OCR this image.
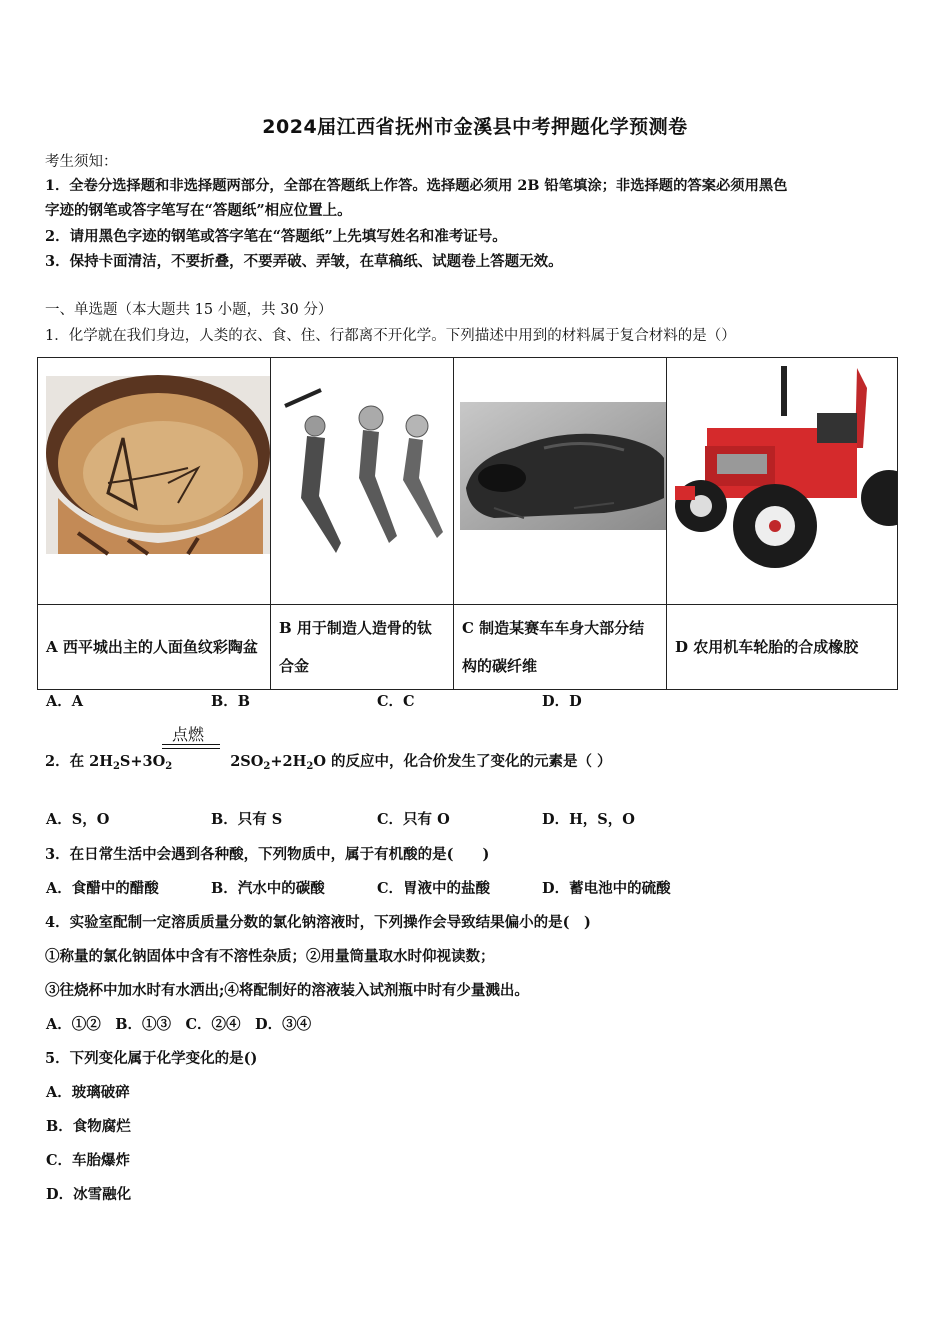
2024届江西省抚州市金溪县中考押题化学预测卷
考生须知：
1．全卷分选择题和非选择题两部分，全部在答题纸上作答。选择题必须用 2B 铅笔填涂；非选择题的答案必须用黑色
字迹的钢笔或答字笔写在“答题纸”相应位置上。
2．请用黑色字迹的钢笔或答字笔在“答题纸”上先填写姓名和准考证号。
3．保持卡面清洁，不要折叠，不要弄破、弄皱，在草稿纸、试题卷上答题无效。
一、单选题（本大题共 15 小题，共 30 分）
1．化学就在我们身边，人类的衣、食、住、行都离不开化学。下列描述中用到的材料属于复合材料的是（）

A 西平城出主的人面鱼纹彩陶盆	B 用于制造人造骨的钛合金	C 制造某赛车车身大部分结构的碳纤维	D 农用机车轮胎的合成橡胶
A．A	B．B	C．C	D．D
点燃
2．在 $2H_2S+3O_2$	$2SO_2+2H_2O$ 的反应中，化合价发生了变化的元素是（ ）
A．S，O	B．只有 S	C．只有 O	D．H，S，O
3．在日常生活中会遇到各种酸，下列物质中，属于有机酸的是(　　)
A．食醋中的醋酸	B．汽水中的碳酸	C．胃液中的盐酸	D．蓄电池中的硫酸
4．实验室配制一定溶质质量分数的氯化钠溶液时，下列操作会导致结果偏小的是(　)
①称量的氯化钠固体中含有不溶性杂质；②用量筒量取水时仰视读数；
③往烧杯中加水时有水洒出;④将配制好的溶液装入试剂瓶中时有少量溅出。
A．①②　B．①③　C．②④　D．③④
5．下列变化属于化学变化的是()
A．玻璃破碎
B．食物腐烂
C．车胎爆炸
D．冰雪融化
